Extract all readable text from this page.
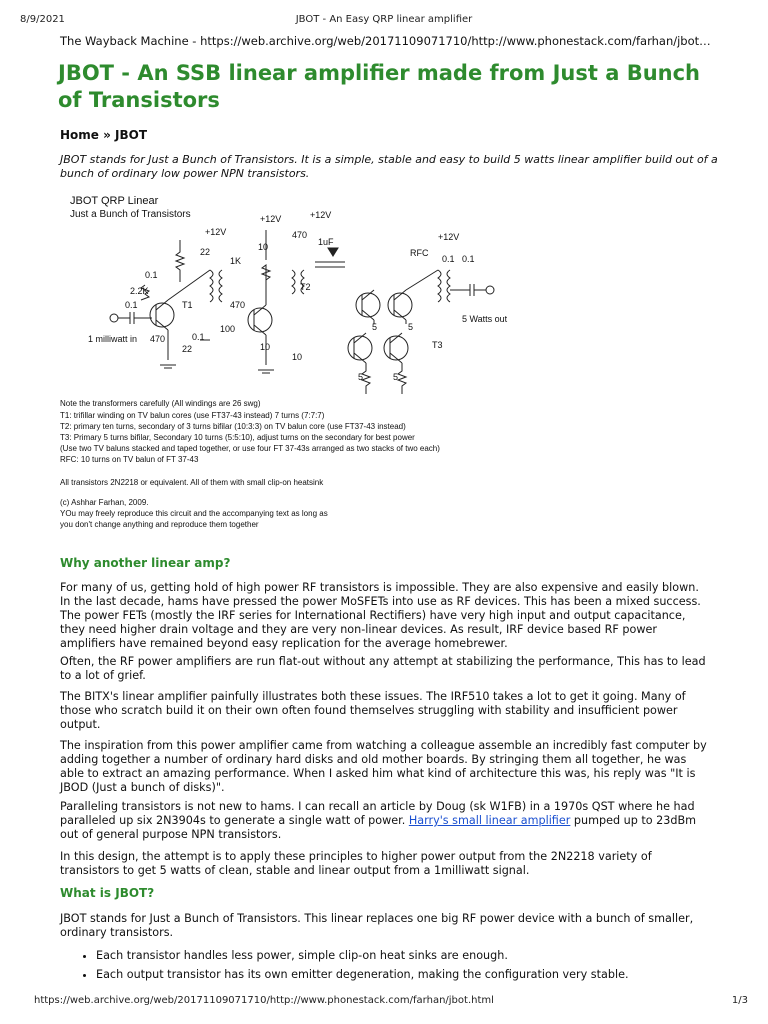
8/9/2021	JBOT - An Easy QRP linear amplifier
The Wayback Machine - https://web.archive.org/web/20171109071710/http://www.phonestack.com/farhan/jbot…
JBOT - An SSB linear amplifier made from Just a Bunch of Transistors
Home » JBOT
JBOT stands for Just a Bunch of Transistors. It is a simple, stable and easy to build 5 watts linear amplifier build out of a bunch of ordinary low power NPN transistors.
JBOT QRP Linear
Just a Bunch of Transistors
+12V
+12V	+12V
+12V
22
470
10	1uF
RFC
0.1 0.1
1K
0.1
2.2K
0.1	T1	470
T2
5 Watts out
1 milliwatt in 470
22
100
0.1
10
10
T3
5	5
5	5
Note the transformers carefully (All windings are 26 swg)
T1: trifillar winding on TV balun cores (use FT37-43 instead) 7 turns (7:7:7)
T2: primary ten turns, secondary of 3 turns bifilar (10:3:3) on TV balun core (use FT37-43 instead)
T3: Primary 5 turns bifilar, Secondary 10 turns (5:5:10), adjust turns on the secondary for best power
(Use two TV baluns stacked and taped together, or use four FT 37-43s arranged as two stacks of two each)
RFC: 10 turns on TV balun of FT 37-43
All transistors 2N2218 or equivalent. All of them with small clip-on heatsink
(c) Ashhar Farhan, 2009.
YOu may freely reproduce this circuit and the accompanying text as long as
you don't change anything and reproduce them together
Why another linear amp?
For many of us, getting hold of high power RF transistors is impossible. They are also expensive and easily blown. In the last decade, hams have pressed the power MoSFETs into use as RF devices. This has been a mixed success. The power FETs (mostly the IRF series for International Rectifiers) have very high input and output capacitance, they need higher drain voltage and they are very non-linear devices. As result, IRF device based RF power amplifiers have remained beyond easy replication for the average homebrewer.
Often, the RF power amplifiers are run flat-out without any attempt at stabilizing the performance, This has to lead to a lot of grief.
The BITX's linear amplifier painfully illustrates both these issues. The IRF510 takes a lot to get it going. Many of those who scratch build it on their own often found themselves struggling with stability and insufficient power output.
The inspiration from this power amplifier came from watching a colleague assemble an incredibly fast computer by adding together a number of ordinary hard disks and old mother boards. By stringing them all together, he was able to extract an amazing performance. When I asked him what kind of architecture this was, his reply was "It is JBOD (Just a bunch of disks)".
Paralleling transistors is not new to hams. I can recall an article by Doug (sk W1FB) in a 1970s QST where he had paralleled up six 2N3904s to generate a single watt of power. Harry's small linear amplifier pumped up to 23dBm out of general purpose NPN transistors.
In this design, the attempt is to apply these principles to higher power output from the 2N2218 variety of transistors to get 5 watts of clean, stable and linear output from a 1milliwatt signal.
What is JBOT?
JBOT stands for Just a Bunch of Transistors. This linear replaces one big RF power device with a bunch of smaller, ordinary transistors.
• Each transistor handles less power, simple clip-on heat sinks are enough.
• Each output transistor has its own emitter degeneration, making the configuration very stable.
https://web.archive.org/web/20171109071710/http://www.phonestack.com/farhan/jbot.html	1/3
